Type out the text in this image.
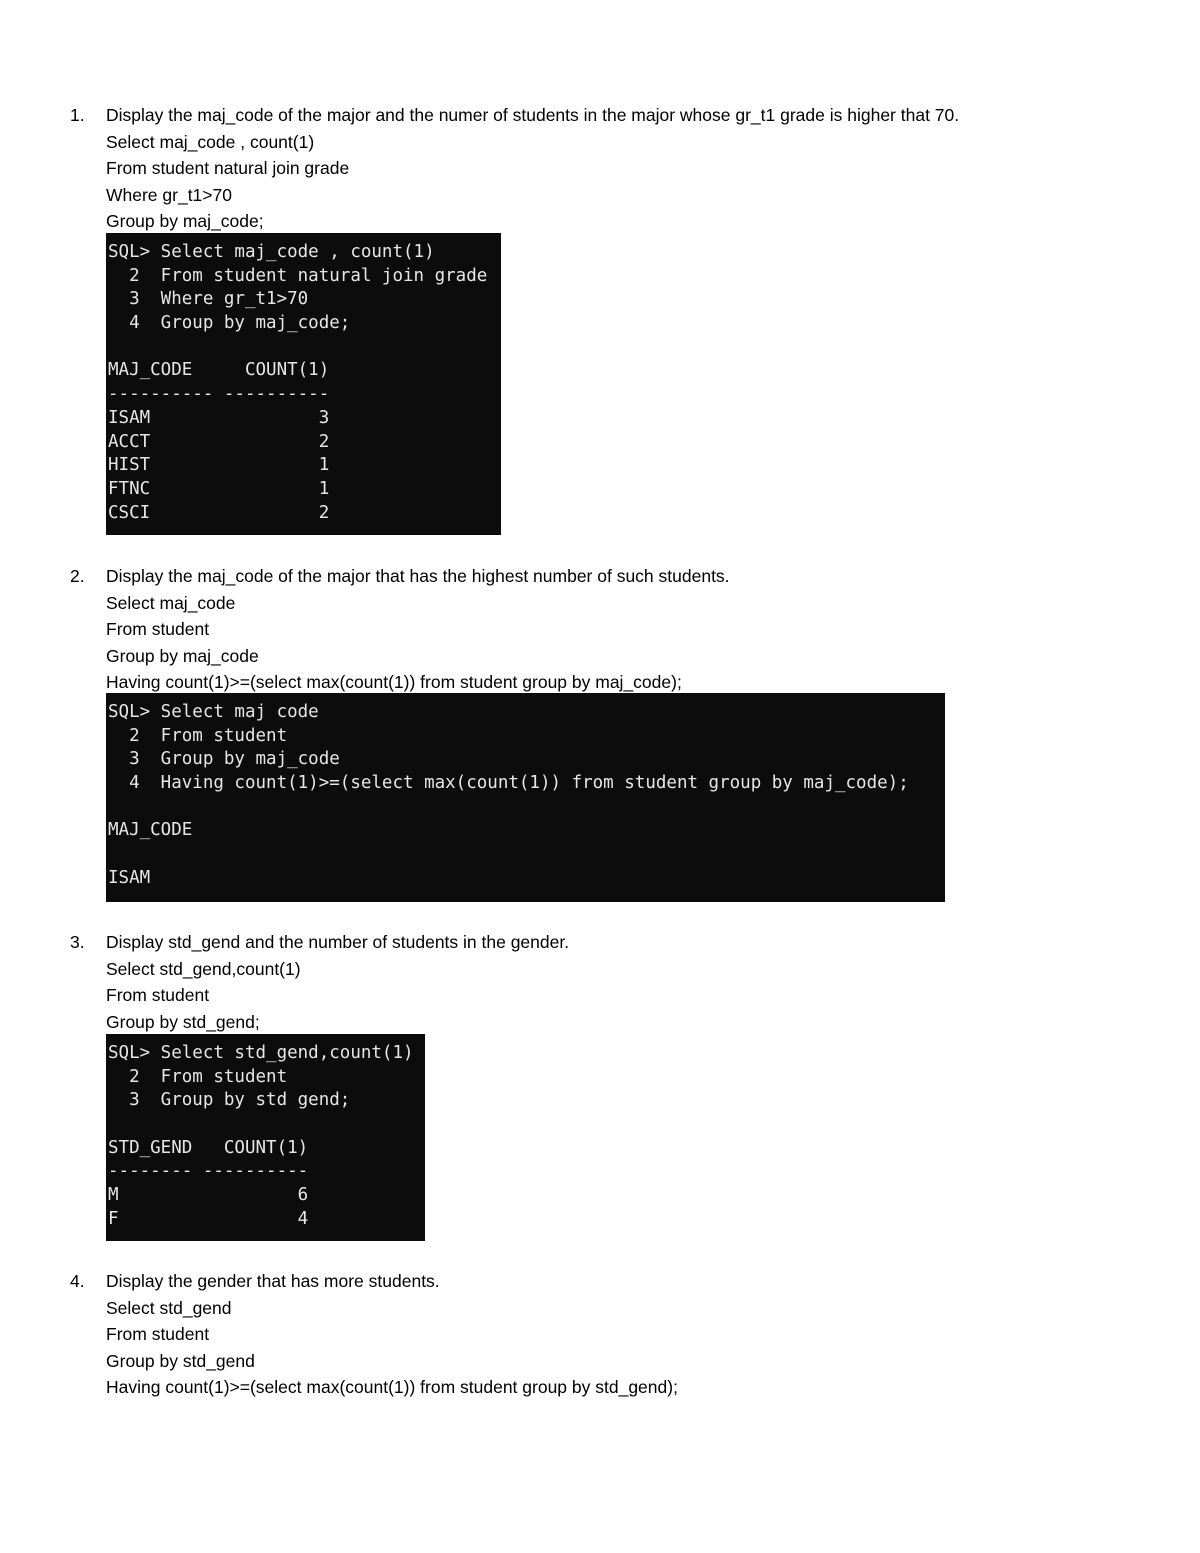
1. Display the maj_code of the major and the numer of students in the major whose gr_t1 grade is higher that 70.
Select maj_code , count(1)
From student natural join grade
Where gr_t1>70
Group by maj_code;
SQL> Select maj_code , count(1)
2  From student natural join grade
3  Where gr_t1>70
4  Group by maj_code;
MAJ_CODE     COUNT(1)
---------- ----------
ISAM                3
ACCT                2
HIST                1
FTNC                1
CSCI                2
2. Display the maj_code of the major that has the highest number of such students.
Select maj_code
From student
Group by maj_code
Having count(1)>=(select max(count(1)) from student group by maj_code);
SQL> Select maj code
2  From student
3  Group by maj_code
4  Having count(1)>=(select max(count(1)) from student group by maj_code);
MAJ_CODE
ISAM
3. Display std_gend and the number of students in the gender.
Select std_gend,count(1)
From student
Group by std_gend;
SQL> Select std_gend,count(1)
2  From student
3  Group by std gend;
STD_GEND   COUNT(1)
-------- ----------
M                 6
F                 4
4. Display the gender that has more students.
Select std_gend
From student
Group by std_gend
Having count(1)>=(select max(count(1)) from student group by std_gend);
